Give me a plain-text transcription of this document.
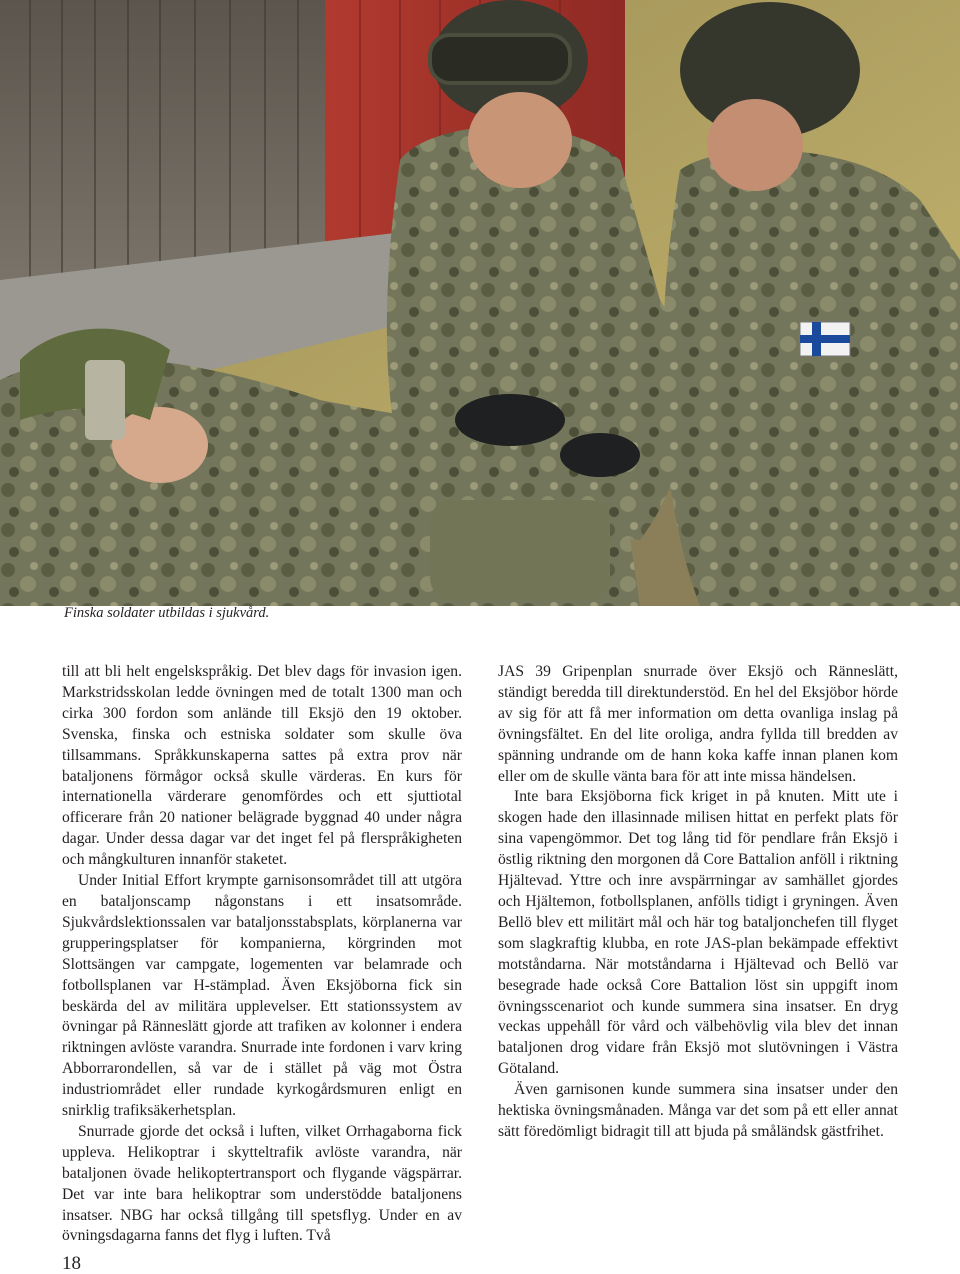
Finska soldater utbildas i sjukvård.

till att bli helt engelskspråkig. Det blev dags för invasion igen. Markstridsskolan ledde övningen med de totalt 1300 man och cirka 300 fordon som anlände till Eksjö den 19 oktober. Svenska, finska och estniska soldater som skulle öva tillsammans. Språkkunskaperna sattes på extra prov när bataljonens förmågor också skulle värderas. En kurs för internationella värderare genomfördes och ett sjuttiotal officerare från 20 nationer belägrade byggnad 40 under några dagar. Under dessa dagar var det inget fel på flerspråkigheten och mångkulturen innanför staketet.

Under Initial Effort krympte garnisonsområdet till att utgöra en bataljonscamp någonstans i ett insatsområde. Sjukvårdslektionssalen var bataljonsstabsplats, körplanerna var grupperingsplatser för kompanierna, körgrinden mot Slottsängen var campgate, logementen var belamrade och fotbollsplanen var H-stämplad. Även Eksjöborna fick sin beskärda del av militära upplevelser. Ett stationssystem av övningar på Ränneslätt gjorde att trafiken av kolonner i endera riktningen avlöste varandra. Snurrade inte fordonen i varv kring Abborrarondellen, så var de i stället på väg mot Östra industriområdet eller rundade kyrkogårdsmuren enligt en snirklig trafiksäkerhetsplan.

Snurrade gjorde det också i luften, vilket Orrhagaborna fick uppleva. Helikoptrar i skytteltrafik avlöste varandra, när bataljonen övade helikoptertransport och flygande vägspärrar. Det var inte bara helikoptrar som understödde bataljonens insatser. NBG har också tillgång till spetsflyg. Under en av övningsdagarna fanns det flyg i luften. Två

JAS 39 Gripenplan snurrade över Eksjö och Rännеslätt, ständigt beredda till direktunderstöd. En hel del Eksjöbor hörde av sig för att få mer information om detta ovanliga inslag på övningsfältet. En del lite oroliga, andra fyllda till bredden av spänning undrande om de hann koka kaffe innan planen kom eller om de skulle vänta bara för att inte missa händelsen.

Inte bara Eksjöborna fick kriget in på knuten. Mitt ute i skogen hade den illasinnade milisen hittat en perfekt plats för sina vapengömmor. Det tog lång tid för pendlare från Eksjö i östlig riktning den morgonen då Core Battalion anföll i riktning Hjältevad. Yttre och inre avspärrningar av samhället gjordes och Hjältemon, fotbollsplanen, anfölls tidigt i gryningen. Även Bellö blev ett militärt mål och här tog bataljonchefen till flyget som slagkraftig klubba, en rote JAS-plan bekämpade effektivt motståndarna. När motståndarna i Hjältevad och Bellö var besegrade hade också Core Battalion löst sin uppgift inom övningsscenariot och kunde summera sina insatser. En dryg veckas uppehåll för vård och välbehövlig vila blev det innan bataljonen drog vidare från Eksjö mot slutövningen i Västra Götaland.

Även garnisonen kunde summera sina insatser under den hektiska övningsmånaden. Många var det som på ett eller annat sätt föredömligt bidragit till att bjuda på småländsk gästfrihet.

18
